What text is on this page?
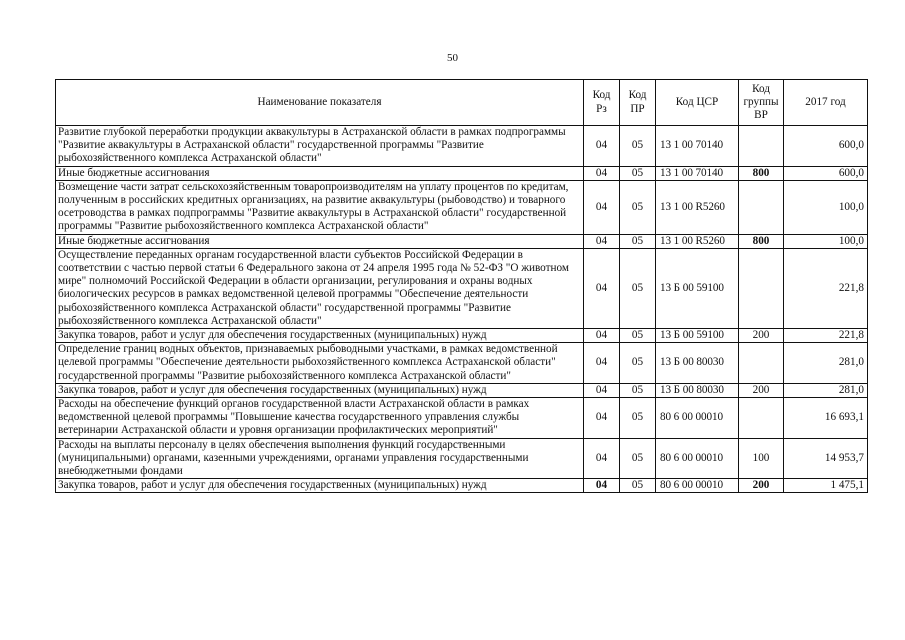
50
Наименование показателя	Код Рз	Код ПР	Код ЦСР	Код группы ВР	2017 год
Развитие глубокой переработки продукции аквакультуры в Астраханской области в рамках подпрограммы "Развитие аквакультуры в Астраханской области" государственной программы "Развитие рыбохозяйственного комплекса Астраханской области"	04	05	13 1 00 70140		600,0
Иные бюджетные ассигнования	04	05	13 1 00 70140	800	600,0
Возмещение части затрат сельскохозяйственным товаропроизводителям на уплату процентов по кредитам, полученным в российских кредитных организациях, на развитие аквакультуры (рыбоводство) и товарного осетроводства в рамках подпрограммы "Развитие аквакультуры в Астраханской области" государственной программы "Развитие рыбохозяйственного комплекса Астраханской области"	04	05	13 1 00 R5260		100,0
Иные бюджетные ассигнования	04	05	13 1 00 R5260	800	100,0
Осуществление переданных органам государственной власти субъектов Российской Федерации в соответствии с частью первой статьи 6 Федерального закона от 24 апреля 1995 года № 52-ФЗ "О животном мире" полномочий Российской Федерации в области организации, регулирования и охраны водных биологических ресурсов в рамках ведомственной целевой программы "Обеспечение деятельности рыбохозяйственного комплекса Астраханской области" государственной программы "Развитие рыбохозяйственного комплекса Астраханской области"	04	05	13 Б 00 59100		221,8
Закупка товаров, работ и услуг для обеспечения государственных (муниципальных) нужд	04	05	13 Б 00 59100	200	221,8
Определение границ водных объектов, признаваемых рыбоводными участками, в рамках ведомственной целевой программы "Обеспечение деятельности рыбохозяйственного комплекса Астраханской области" государственной программы "Развитие рыбохозяйственного комплекса Астраханской области"	04	05	13 Б 00 80030		281,0
Закупка товаров, работ и услуг для обеспечения государственных (муниципальных) нужд	04	05	13 Б 00 80030	200	281,0
Расходы на обеспечение функций органов государственной власти Астраханской области в рамках ведомственной целевой программы "Повышение качества государственного управления службы ветеринарии Астраханской области и уровня организации профилактических мероприятий"	04	05	80 6 00 00010		16 693,1
Расходы на выплаты персоналу в целях обеспечения выполнения функций государственными (муниципальными) органами, казенными учреждениями, органами управления государственными внебюджетными фондами	04	05	80 6 00 00010	100	14 953,7
Закупка товаров, работ и услуг для обеспечения государственных (муниципальных) нужд	04	05	80 6 00 00010	200	1 475,1
